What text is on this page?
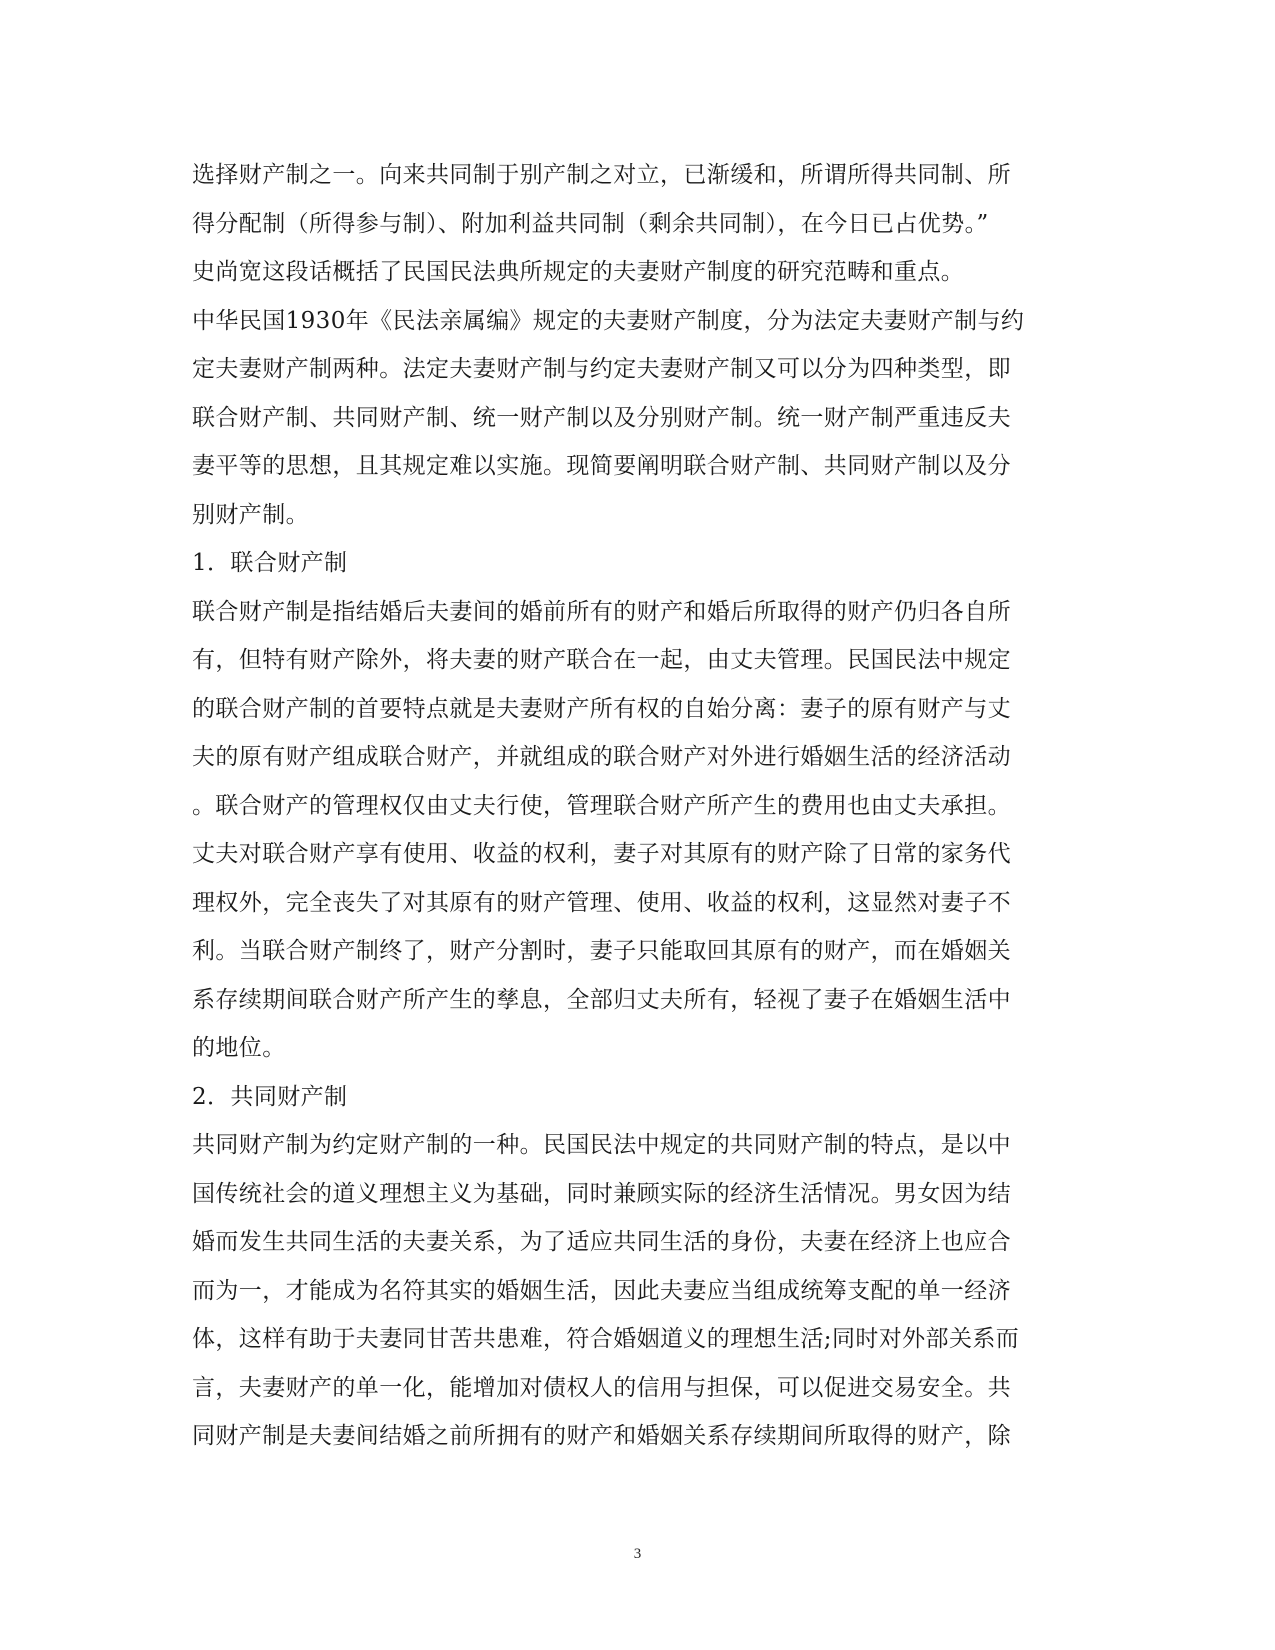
选择财产制之一。向来共同制于别产制之对立，已渐缓和，所谓所得共同制、所
得分配制（所得参与制）、附加利益共同制（剩余共同制），在今日已占优势。”
史尚宽这段话概括了民国民法典所规定的夫妻财产制度的研究范畴和重点。
中华民国1930年《民法亲属编》规定的夫妻财产制度，分为法定夫妻财产制与约
定夫妻财产制两种。法定夫妻财产制与约定夫妻财产制又可以分为四种类型，即
联合财产制、共同财产制、统一财产制以及分别财产制。统一财产制严重违反夫
妻平等的思想，且其规定难以实施。现简要阐明联合财产制、共同财产制以及分
别财产制。
1．联合财产制
联合财产制是指结婚后夫妻间的婚前所有的财产和婚后所取得的财产仍归各自所
有，但特有财产除外，将夫妻的财产联合在一起，由丈夫管理。民国民法中规定
的联合财产制的首要特点就是夫妻财产所有权的自始分离：妻子的原有财产与丈
夫的原有财产组成联合财产，并就组成的联合财产对外进行婚姻生活的经济活动
。联合财产的管理权仅由丈夫行使，管理联合财产所产生的费用也由丈夫承担。
丈夫对联合财产享有使用、收益的权利，妻子对其原有的财产除了日常的家务代
理权外，完全丧失了对其原有的财产管理、使用、收益的权利，这显然对妻子不
利。当联合财产制终了，财产分割时，妻子只能取回其原有的财产，而在婚姻关
系存续期间联合财产所产生的孳息，全部归丈夫所有，轻视了妻子在婚姻生活中
的地位。
2．共同财产制
共同财产制为约定财产制的一种。民国民法中规定的共同财产制的特点，是以中
国传统社会的道义理想主义为基础，同时兼顾实际的经济生活情况。男女因为结
婚而发生共同生活的夫妻关系，为了适应共同生活的身份，夫妻在经济上也应合
而为一，才能成为名符其实的婚姻生活，因此夫妻应当组成统筹支配的单一经济
体，这样有助于夫妻同甘苦共患难，符合婚姻道义的理想生活;同时对外部关系而
言，夫妻财产的单一化，能增加对债权人的信用与担保，可以促进交易安全。共
同财产制是夫妻间结婚之前所拥有的财产和婚姻关系存续期间所取得的财产，除
3
